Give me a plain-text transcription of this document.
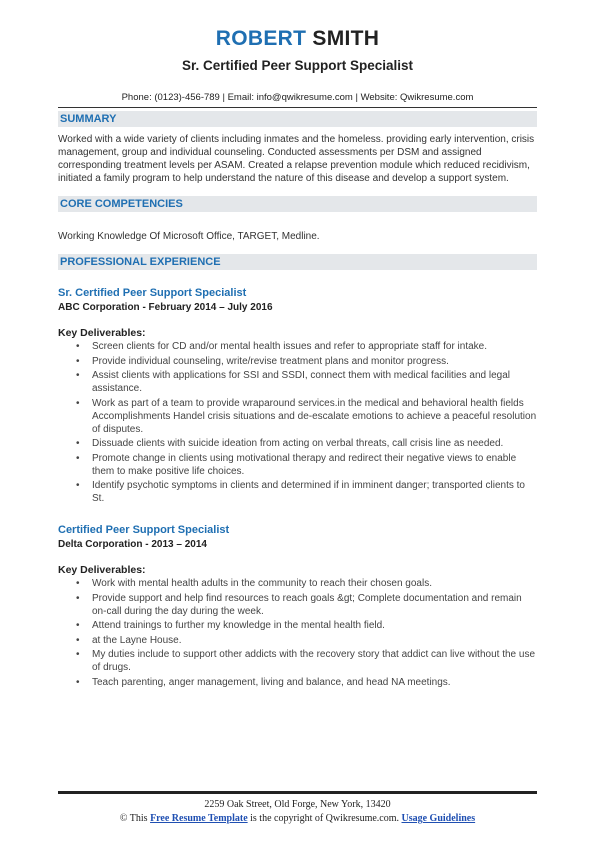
ROBERT SMITH
Sr. Certified Peer Support Specialist
Phone: (0123)-456-789 | Email: info@qwikresume.com | Website: Qwikresume.com
SUMMARY
Worked with a wide variety of clients including inmates and the homeless. providing early intervention, crisis management, group and individual counseling. Conducted assessments per DSM and assigned corresponding treatment levels per ASAM. Created a relapse prevention module which reduced recidivism, initiated a family program to help understand the nature of this disease and develop a support system.
CORE COMPETENCIES
Working Knowledge Of Microsoft Office, TARGET, Medline.
PROFESSIONAL EXPERIENCE
Sr. Certified Peer Support Specialist
ABC Corporation - February 2014 – July 2016
Key Deliverables:
• Screen clients for CD and/or mental health issues and refer to appropriate staff for intake.
• Provide individual counseling, write/revise treatment plans and monitor progress.
• Assist clients with applications for SSI and SSDI, connect them with medical facilities and legal assistance.
• Work as part of a team to provide wraparound services.in the medical and behavioral health fields Accomplishments Handel crisis situations and de-escalate emotions to achieve a peaceful resolution of disputes.
• Dissuade clients with suicide ideation from acting on verbal threats, call crisis line as needed.
• Promote change in clients using motivational therapy and redirect their negative views to enable them to make positive life choices.
• Identify psychotic symptoms in clients and determined if in imminent danger; transported clients to St.
Certified Peer Support Specialist
Delta Corporation - 2013 – 2014
Key Deliverables:
• Work with mental health adults in the community to reach their chosen goals.
• Provide support and help find resources to reach goals &gt; Complete documentation and remain on-call during the day during the week.
• Attend trainings to further my knowledge in the mental health field.
• at the Layne House.
• My duties include to support other addicts with the recovery story that addict can live without the use of drugs.
• Teach parenting, anger management, living and balance, and head NA meetings.
2259 Oak Street, Old Forge, New York, 13420
© This Free Resume Template is the copyright of Qwikresume.com. Usage Guidelines
